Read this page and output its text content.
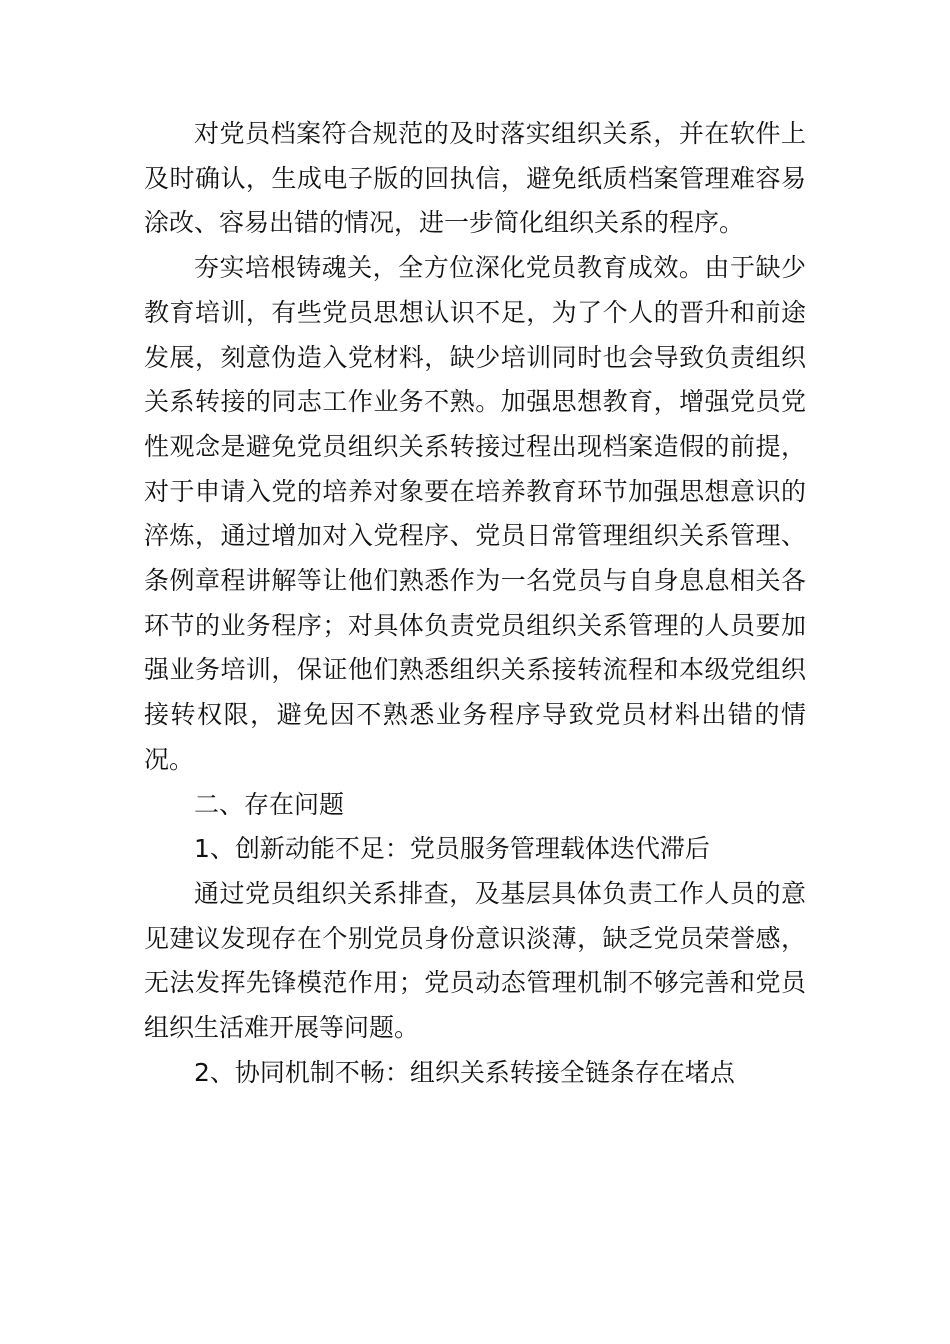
对党员档案符合规范的及时落实组织关系，并在软件上及时确认，生成电子版的回执信，避免纸质档案管理难容易涂改、容易出错的情况，进一步简化组织关系的程序。

夯实培根铸魂关，全方位深化党员教育成效。由于缺少教育培训，有些党员思想认识不足，为了个人的晋升和前途发展，刻意伪造入党材料，缺少培训同时也会导致负责组织关系转接的同志工作业务不熟。加强思想教育，增强党员党性观念是避免党员组织关系转接过程出现档案造假的前提，对于申请入党的培养对象要在培养教育环节加强思想意识的淬炼，通过增加对入党程序、党员日常管理组织关系管理、条例章程讲解等让他们熟悉作为一名党员与自身息息相关各环节的业务程序；对具体负责党员组织关系管理的人员要加强业务培训，保证他们熟悉组织关系接转流程和本级党组织接转权限，避免因不熟悉业务程序导致党员材料出错的情况。

二、存在问题

1、创新动能不足：党员服务管理载体迭代滞后

通过党员组织关系排查，及基层具体负责工作人员的意见建议发现存在个别党员身份意识淡薄，缺乏党员荣誉感，无法发挥先锋模范作用；党员动态管理机制不够完善和党员组织生活难开展等问题。

2、协同机制不畅：组织关系转接全链条存在堵点
